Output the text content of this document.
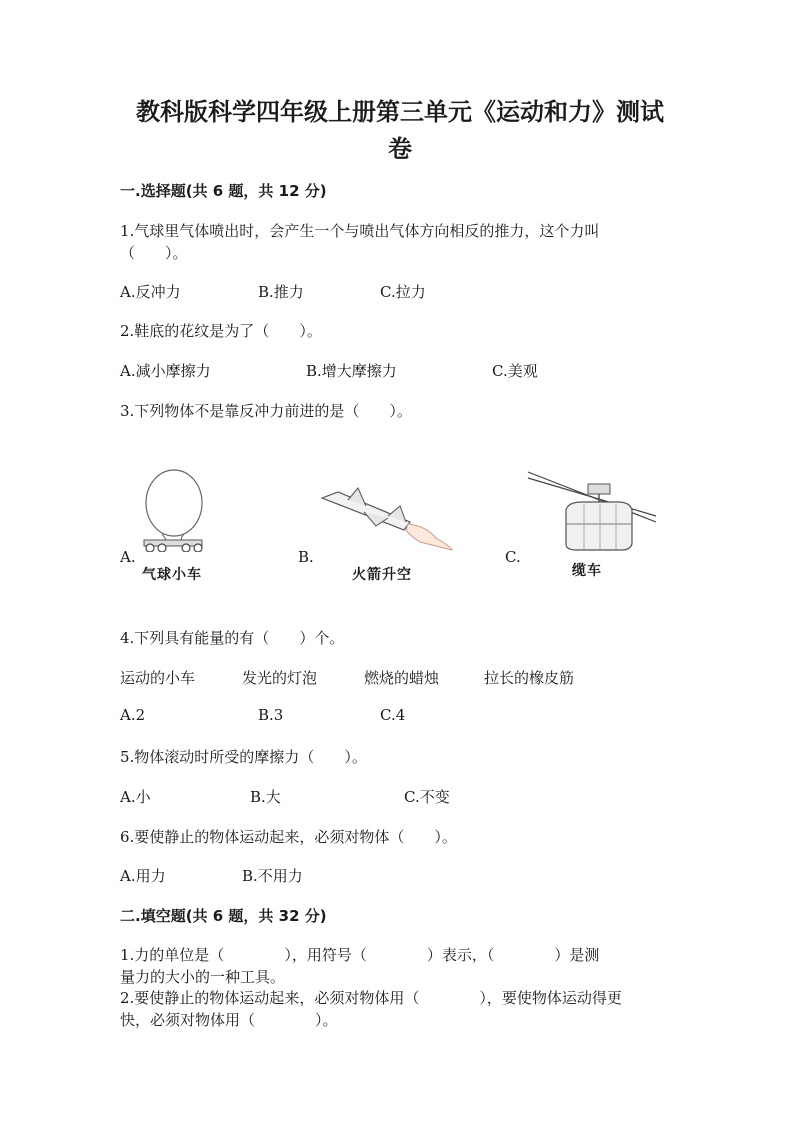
教科版科学四年级上册第三单元《运动和力》测试
卷
一.选择题(共 6 题，共 12 分)
1.气球里气体喷出时，会产生一个与喷出气体方向相反的推力，这个力叫
（　　）。
A.反冲力	B.推力	C.拉力
2.鞋底的花纹是为了（　　）。
A.减小摩擦力	B.增大摩擦力	C.美观
3.下列物体不是靠反冲力前进的是（　　）。
A.
气球小车
B.
火箭升空
C.
缆车
4.下列具有能量的有（　　）个。
运动的小车	发光的灯泡	燃烧的蜡烛	拉长的橡皮筋
A.2	B.3	C.4
5.物体滚动时所受的摩擦力（　　）。
A.小	B.大	C.不变
6.要使静止的物体运动起来，必须对物体（　　）。
A.用力	B.不用力
二.填空题(共 6 题，共 32 分)
1.力的单位是（　　　　），用符号（　　　　）表示，（　　　　）是测
量力的大小的一种工具。
2.要使静止的物体运动起来，必须对物体用（　　　　），要使物体运动得更
快，必须对物体用（　　　　）。
